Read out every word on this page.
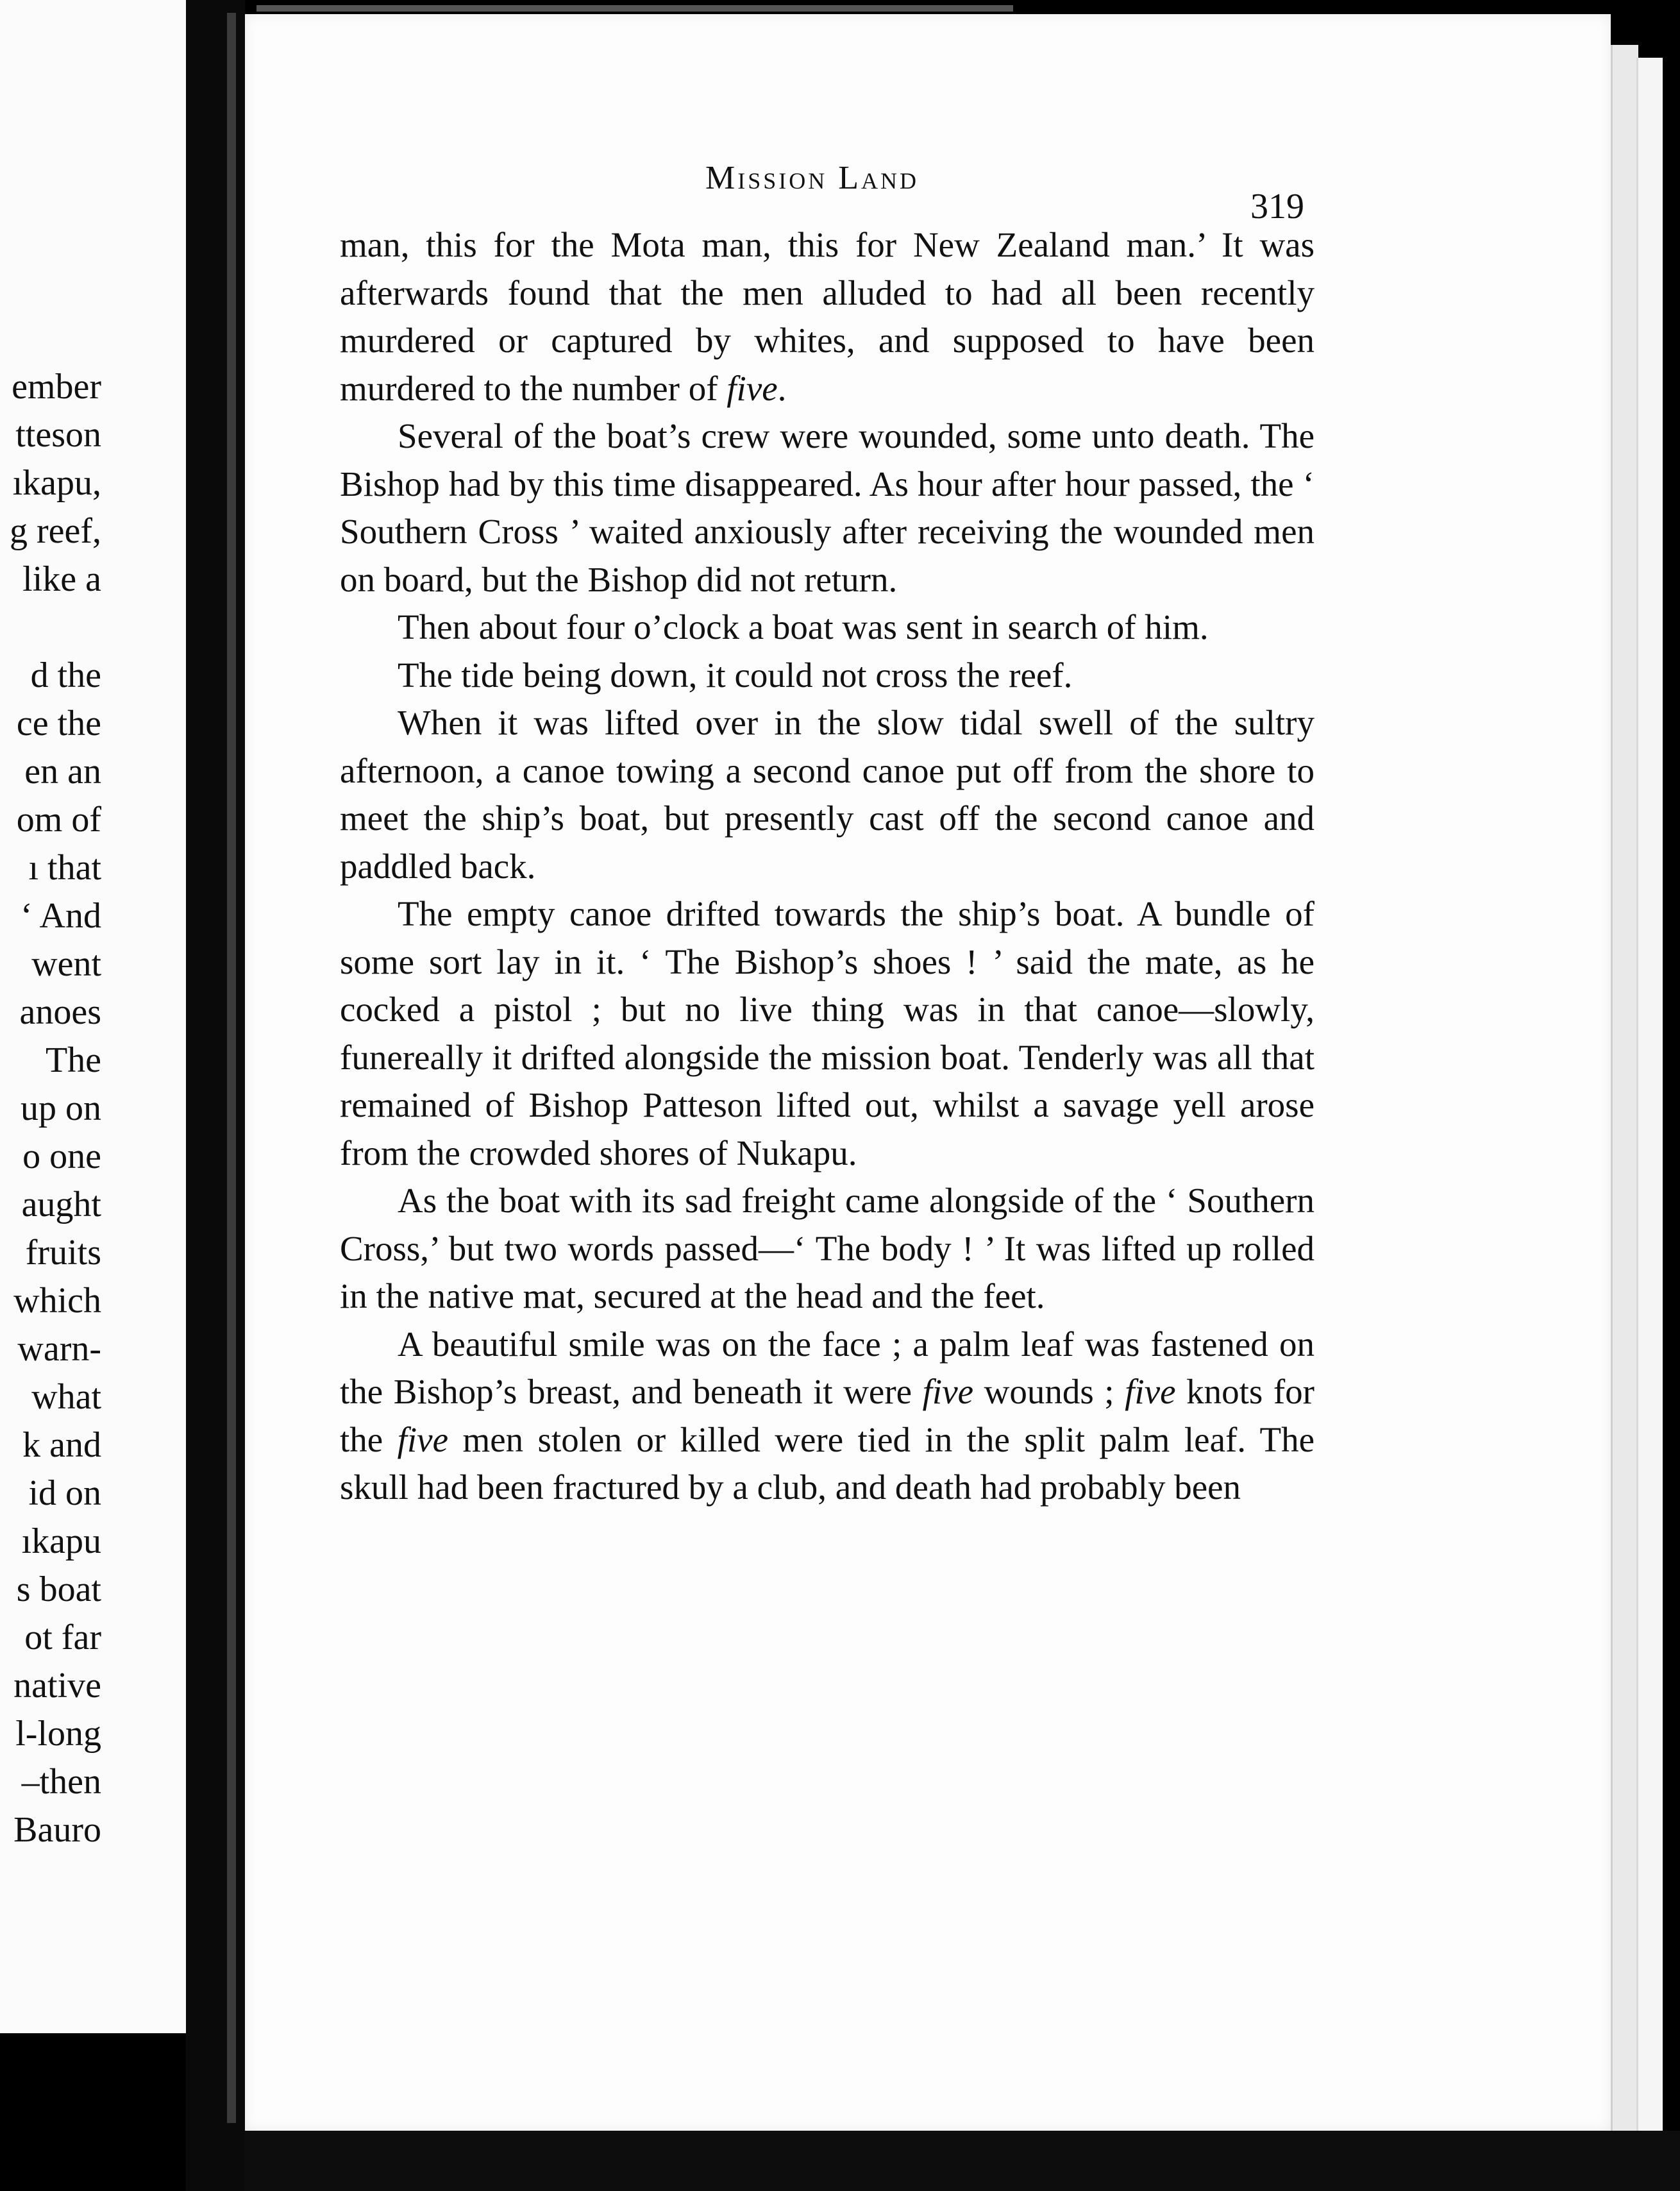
ember
tteson
ıkapu,
g reef,
like a
d the
ce the
en an
om of
ı that
‘ And
went
anoes
The
up on
o one
aught
fruits
which
warn-
what
k and
id on
ıkapu
s boat
ot far
native
l-long
–then
Bauro
Mission Land
319

man, this for the Mota man, this for New Zealand man.’ It was afterwards found that the men alluded to had all been recently murdered or captured by whites, and supposed to have been murdered to the number of five.

Several of the boat’s crew were wounded, some unto death. The Bishop had by this time disappeared. As hour after hour passed, the ‘ Southern Cross ’ waited anxiously after receiving the wounded men on board, but the Bishop did not return.

Then about four o’clock a boat was sent in search of him.

The tide being down, it could not cross the reef.

When it was lifted over in the slow tidal swell of the sultry afternoon, a canoe towing a second canoe put off from the shore to meet the ship’s boat, but presently cast off the second canoe and paddled back.

The empty canoe drifted towards the ship’s boat. A bundle of some sort lay in it. ‘ The Bishop’s shoes ! ’ said the mate, as he cocked a pistol ; but no live thing was in that canoe—slowly, funereally it drifted alongside the mission boat. Tenderly was all that remained of Bishop Patteson lifted out, whilst a savage yell arose from the crowded shores of Nukapu.

As the boat with its sad freight came alongside of the ‘ Southern Cross,’ but two words passed—‘ The body ! ’ It was lifted up rolled in the native mat, secured at the head and the feet.

A beautiful smile was on the face ; a palm leaf was fastened on the Bishop’s breast, and beneath it were five wounds ; five knots for the five men stolen or killed were tied in the split palm leaf. The skull had been fractured by a club, and death had probably been
